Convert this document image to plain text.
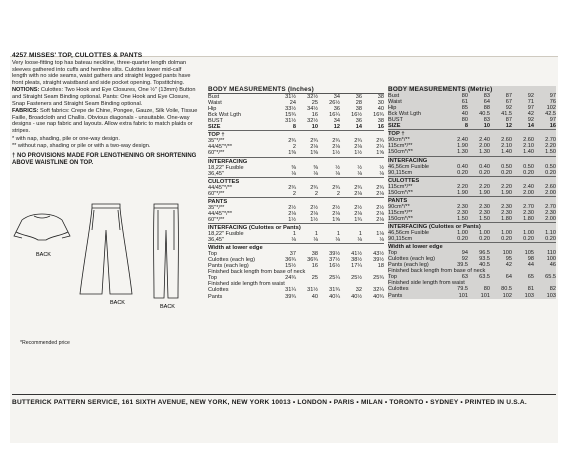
4257 MISSES' TOP, CULOTTES & PANTS
Very loose-fitting top has bateau neckline, three-quarter length dolman sleeves gathered into cuffs and hemline slits. Culottes lower mid-calf length with no side seams, waist gathers and straight legged pants have front pleats, straight waistband and side pocket opening. Topstitching.
NOTIONS: Culottes: Two Hook and Eye Closures, One ½" (13mm) Button and Straight Seam Binding optional. Pants: One Hook and Eye Closure, Snap Fasteners and Straight Seam Binding optional.
FABRICS: Soft fabrics: Crepe de Chine, Pongee, Gauze, Silk Voile, Tissue Faille, Broadcloth and Challis. Obvious diagonals - unsuitable. One-way designs - use nap fabric and layouts. Allow extra fabric to match plaids or stripes.
* with nap, shading, pile or one-way design.
** without nap, shading or pile or with a two-way design.
† NO PROVISIONS MADE FOR LENGTHENING OR SHORTENING ABOVE WAISTLINE ON TOP.
BACK
BACK
BACK
*Recommended price
BODY MEASUREMENTS (Inches)					
Bust	31½	32½	34	36	38
Waist	24	25	26½	28	30
Hip	33½	34½	36	38	40
Bck Wst Lgth	15¾	16	16¼	16½	16¾
BUST	31½	32½	34	36	38
SIZE	8	10	12	14	16
TOP †					
35"*/**	2¾	2¾	2¾	2¾	2¾
44/45"*/**	2	2⅛	2⅛	2⅛	2¼
60"*/**	1⅜	1⅜	1½	1½	1⅝
INTERFACING					
18,22" Fusible	⅜	⅜	½	½	½
36,45"	⅛	⅛	⅛	⅛	⅛
CULOTTES					
44/45"*/**	2¾	2¾	2¾	2¾	2¾
60"*/**	2	2	2	2⅛	2⅛
PANTS					
35"*/**	2½	2½	2½	2½	2½
44/45"*/**	2⅛	2⅛	2⅛	2⅛	2⅛
60"*/**	1½	1½	1⅝	1¾	2⅛
INTERFACING (Culottes or Pants)					
18,22" Fusible	1	1	1	1	1⅛
36,45"	⅛	⅛	⅛	⅛	⅛
Width at lower edge					
Top	37	38	39½	41½	43½
Culottes (each leg)	36¾	36¾	37½	38½	39½
Pants (each leg)	15½	16	16½	17¼	18
Finished back length from base of neck					
Top	24¾	25	25¼	25½	25¾
Finished side length from waist					
Culottes	31¼	31½	31¾	32	32¼
Pants	39¾	40	40¼	40½	40¾
BODY MEASUREMENTS (Metric)					
Bust	80	83	87	92	97
Waist	61	64	67	71	76
Hip	85	88	92	97	102
Bck Wst Lgth	40	40.5	41.5	42	42.5
BUST	80	83	87	92	97
SIZE	8	10	12	14	16
TOP †					
90cm*/**	2.40	2.40	2.60	2.60	2.70
115cm*/**	1.90	2.00	2.10	2.10	2.20
150cm*/**	1.30	1.30	1.40	1.40	1.50
INTERFACING					
46,56cm Fusible	0.40	0.40	0.50	0.50	0.50
90,115cm	0.20	0.20	0.20	0.20	0.20
CULOTTES					
115cm*/**	2.20	2.20	2.20	2.40	2.60
150cm*/**	1.90	1.90	1.90	2.00	2.00
PANTS					
90cm*/**	2.30	2.30	2.30	2.70	2.70
115cm*/**	2.30	2.30	2.30	2.30	2.30
150cm*/**	1.50	1.50	1.80	1.80	2.00
INTERFACING (Culottes or Pants)					
46,56cm Fusible	1.00	1.00	1.00	1.00	1.10
90,115cm	0.20	0.20	0.20	0.20	0.20
Width at lower edge					
Top	94	96.5	100	105	110
Culottes (each leg)	92	93.5	95	98	100
Pants (each leg)	39.5	40.5	42	44	46
Finished back length from base of neck					
Top	63	63.5	64	65	65.5
Finished side length from waist					
Culottes	79.5	80	80.5	81	82
Pants	101	101	102	103	103
BUTTERICK PATTERN SERVICE, 161 SIXTH AVENUE, NEW YORK, NEW YORK 10013 • LONDON • PARIS • MILAN • TORONTO • SYDNEY • PRINTED IN U.S.A.
